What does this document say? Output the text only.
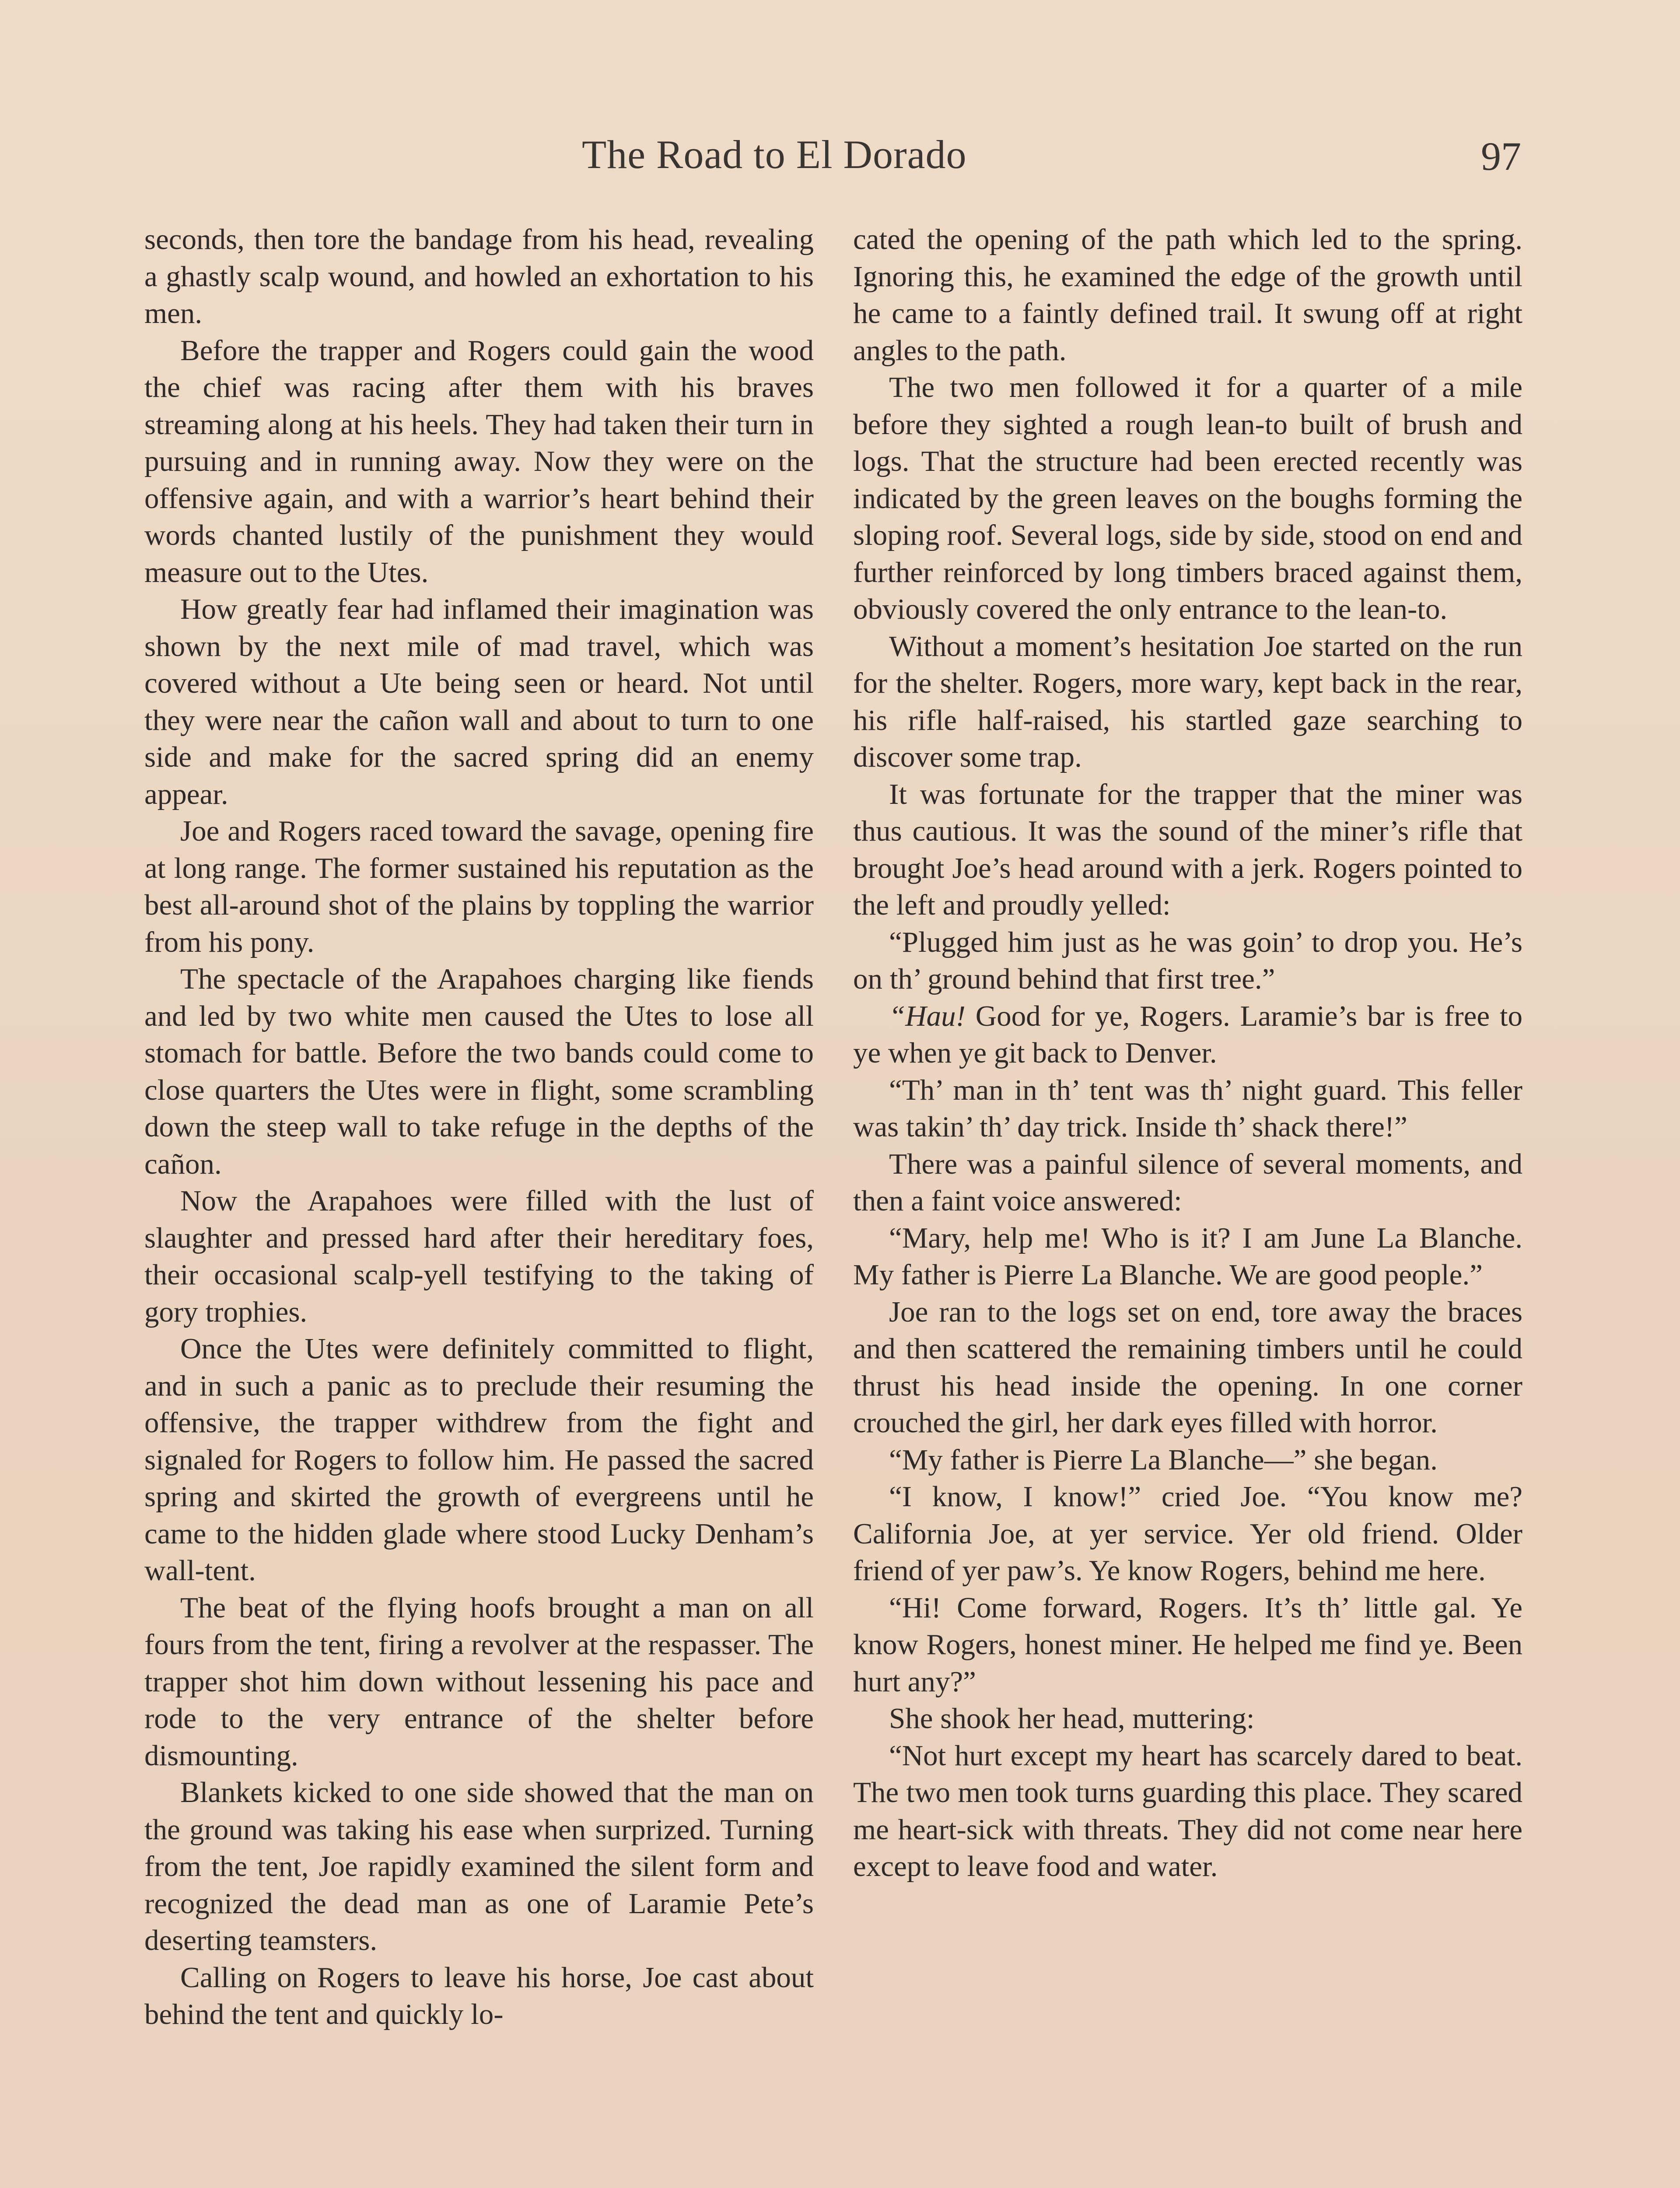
The Road to El Dorado	97

seconds, then tore the bandage from his head, revealing a ghastly scalp wound, and howled an exhortation to his men.

Before the trapper and Rogers could gain the wood the chief was racing after them with his braves streaming along at his heels. They had taken their turn in pursuing and in running away. Now they were on the offensive again, and with a warrior’s heart behind their words chanted lustily of the punishment they would measure out to the Utes.

How greatly fear had inflamed their imagination was shown by the next mile of mad travel, which was covered without a Ute being seen or heard. Not until they were near the cañon wall and about to turn to one side and make for the sacred spring did an enemy appear.

Joe and Rogers raced toward the savage, opening fire at long range. The former sustained his reputation as the best all-around shot of the plains by toppling the warrior from his pony.

The spectacle of the Arapahoes charging like fiends and led by two white men caused the Utes to lose all stomach for battle. Before the two bands could come to close quarters the Utes were in flight, some scrambling down the steep wall to take refuge in the depths of the cañon.

Now the Arapahoes were filled with the lust of slaughter and pressed hard after their hereditary foes, their occasional scalp-yell testifying to the taking of gory trophies.

Once the Utes were definitely committed to flight, and in such a panic as to preclude their resuming the offensive, the trapper withdrew from the fight and signaled for Rogers to follow him. He passed the sacred spring and skirted the growth of evergreens until he came to the hidden glade where stood Lucky Denham’s wall-tent.

The beat of the flying hoofs brought a man on all fours from the tent, firing a revolver at the respasser. The trapper shot him down without lessening his pace and rode to the very entrance of the shelter before dismounting.

Blankets kicked to one side showed that the man on the ground was taking his ease when surprized. Turning from the tent, Joe rapidly examined the silent form and recognized the dead man as one of Laramie Pete’s deserting teamsters.

Calling on Rogers to leave his horse, Joe cast about behind the tent and quickly lo-

cated the opening of the path which led to the spring. Ignoring this, he examined the edge of the growth until he came to a faintly defined trail. It swung off at right angles to the path.

The two men followed it for a quarter of a mile before they sighted a rough lean-to built of brush and logs. That the structure had been erected recently was indicated by the green leaves on the boughs forming the sloping roof. Several logs, side by side, stood on end and further reinforced by long timbers braced against them, obviously covered the only entrance to the lean-to.

Without a moment’s hesitation Joe started on the run for the shelter. Rogers, more wary, kept back in the rear, his rifle half-raised, his startled gaze searching to discover some trap.

It was fortunate for the trapper that the miner was thus cautious. It was the sound of the miner’s rifle that brought Joe’s head around with a jerk. Rogers pointed to the left and proudly yelled:

“Plugged him just as he was goin’ to drop you. He’s on th’ ground behind that first tree.”

“Hau! Good for ye, Rogers. Laramie’s bar is free to ye when ye git back to Denver.

“Th’ man in th’ tent was th’ night guard. This feller was takin’ th’ day trick. Inside th’ shack there!”

There was a painful silence of several moments, and then a faint voice answered:

“Mary, help me! Who is it? I am June La Blanche. My father is Pierre La Blanche. We are good people.”

Joe ran to the logs set on end, tore away the braces and then scattered the remaining timbers until he could thrust his head inside the opening. In one corner crouched the girl, her dark eyes filled with horror.

“My father is Pierre La Blanche—” she began.

“I know, I know!” cried Joe. “You know me? California Joe, at yer service. Yer old friend. Older friend of yer paw’s. Ye know Rogers, behind me here.

“Hi! Come forward, Rogers. It’s th’ little gal. Ye know Rogers, honest miner. He helped me find ye. Been hurt any?”

She shook her head, muttering:

“Not hurt except my heart has scarcely dared to beat. The two men took turns guarding this place. They scared me heart-sick with threats. They did not come near here except to leave food and water.
